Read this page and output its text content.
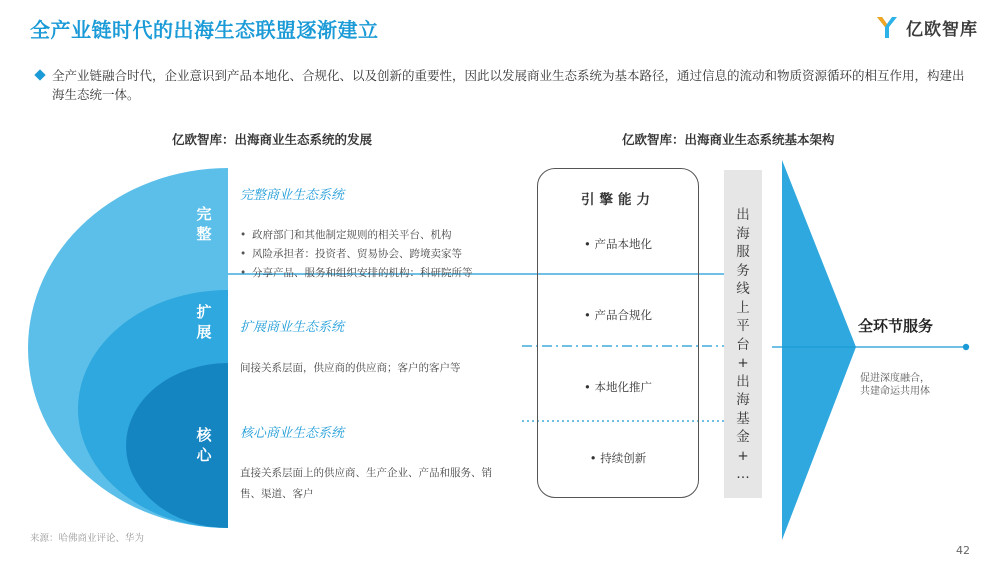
全产业链时代的出海生态联盟逐渐建立	亿欧智库
全产业链融合时代，企业意识到产品本地化、合规化、以及创新的重要性，因此以发展商业生态系统为基本路径，通过信息的流动和物质资源循环的相互作用，构建出海生态统一体。
亿欧智库：出海商业生态系统的发展	亿欧智库：出海商业生态系统基本架构
完整
扩展
核心
完整商业生态系统
• 政府部门和其他制定规则的相关平台、机构
• 风险承担者：投资者、贸易协会、跨境卖家等
• 分享产品、服务和组织安排的机构：科研院所等
扩展商业生态系统
间接关系层面，供应商的供应商；客户的客户等
核心商业生态系统
直接关系层面上的供应商、生产企业、产品和服务、销
售、渠道、客户
引擎能力
• 产品本地化
• 产品合规化
• 本地化推广
• 持续创新
出
海
服
务
线
上
平
台
+
出
海
基
金
+
…
全环节服务
促进深度融合，
共建命运共用体
来源：哈佛商业评论、华为
42
